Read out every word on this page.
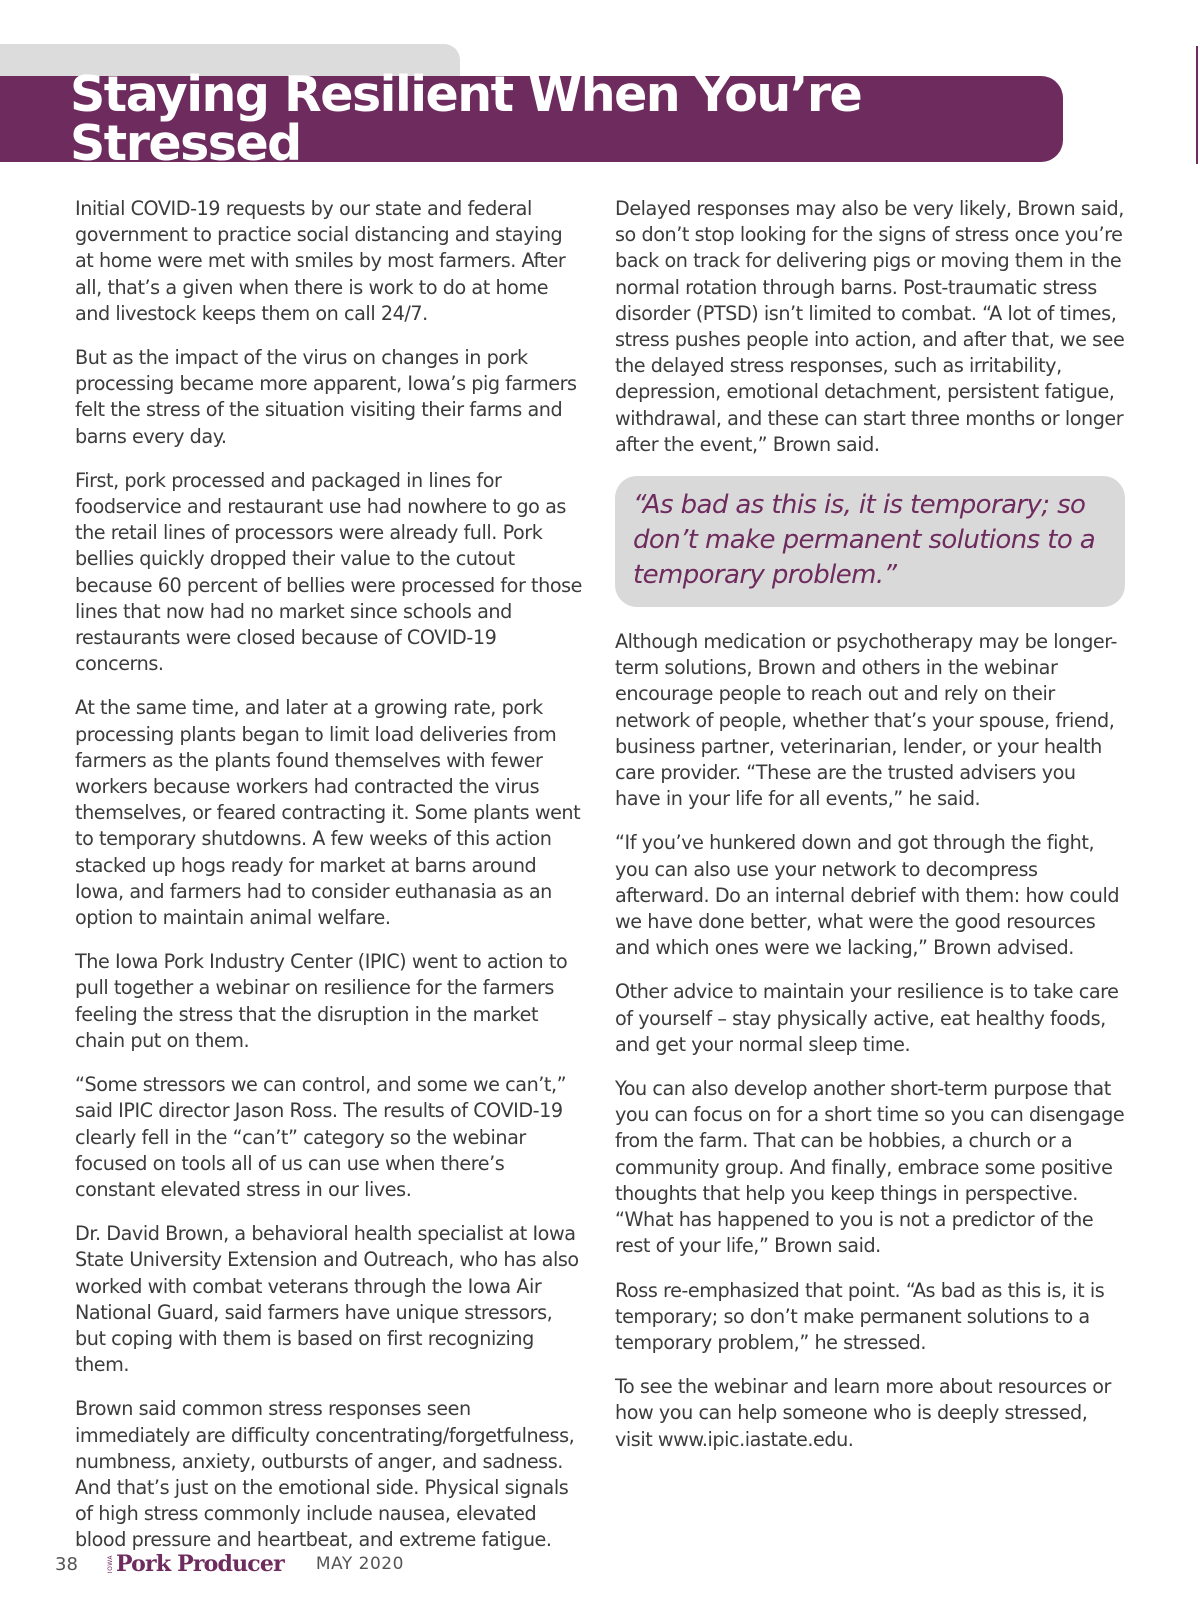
Staying Resilient When You’re Stressed

Initial COVID-19 requests by our state and federal government to practice social distancing and staying at home were met with smiles by most farmers. After all, that’s a given when there is work to do at home and livestock keeps them on call 24/7.

But as the impact of the virus on changes in pork processing became more apparent, Iowa’s pig farmers felt the stress of the situation visiting their farms and barns every day.

First, pork processed and packaged in lines for foodservice and restaurant use had nowhere to go as the retail lines of processors were already full. Pork bellies quickly dropped their value to the cutout because 60 percent of bellies were processed for those lines that now had no market since schools and restaurants were closed because of COVID-19 concerns.

At the same time, and later at a growing rate, pork processing plants began to limit load deliveries from farmers as the plants found themselves with fewer workers because workers had contracted the virus themselves, or feared contracting it. Some plants went to temporary shutdowns. A few weeks of this action stacked up hogs ready for market at barns around Iowa, and farmers had to consider euthanasia as an option to maintain animal welfare.

The Iowa Pork Industry Center (IPIC) went to action to pull together a webinar on resilience for the farmers feeling the stress that the disruption in the market chain put on them.

“Some stressors we can control, and some we can’t,” said IPIC director Jason Ross. The results of COVID-19 clearly fell in the “can’t” category so the webinar focused on tools all of us can use when there’s constant elevated stress in our lives.

Dr. David Brown, a behavioral health specialist at Iowa State University Extension and Outreach, who has also worked with combat veterans through the Iowa Air National Guard, said farmers have unique stressors, but coping with them is based on first recognizing them.

Brown said common stress responses seen immediately are difficulty concentrating/forgetfulness, numbness, anxiety, outbursts of anger, and sadness. And that’s just on the emotional side. Physical signals of high stress commonly include nausea, elevated blood pressure and heartbeat, and extreme fatigue.

Delayed responses may also be very likely, Brown said, so don’t stop looking for the signs of stress once you’re back on track for delivering pigs or moving them in the normal rotation through barns. Post-traumatic stress disorder (PTSD) isn’t limited to combat. “A lot of times, stress pushes people into action, and after that, we see the delayed stress responses, such as irritability, depression, emotional detachment, persistent fatigue, withdrawal, and these can start three months or longer after the event,” Brown said.

“As bad as this is, it is temporary; so don’t make permanent solutions to a temporary problem.”

Although medication or psychotherapy may be longer-term solutions, Brown and others in the webinar encourage people to reach out and rely on their network of people, whether that’s your spouse, friend, business partner, veterinarian, lender, or your health care provider. “These are the trusted advisers you have in your life for all events,” he said.

“If you’ve hunkered down and got through the fight, you can also use your network to decompress afterward. Do an internal debrief with them: how could we have done better, what were the good resources and which ones were we lacking,” Brown advised.

Other advice to maintain your resilience is to take care of yourself – stay physically active, eat healthy foods, and get your normal sleep time.

You can also develop another short-term purpose that you can focus on for a short time so you can disengage from the farm. That can be hobbies, a church or a community group. And finally, embrace some positive thoughts that help you keep things in perspective. “What has happened to you is not a predictor of the rest of your life,” Brown said.

Ross re-emphasized that point. “As bad as this is, it is temporary; so don’t make permanent solutions to a temporary problem,” he stressed.

To see the webinar and learn more about resources or how you can help someone who is deeply stressed, visit www.ipic.iastate.edu.

38	IOWA Pork Producer MAY 2020
